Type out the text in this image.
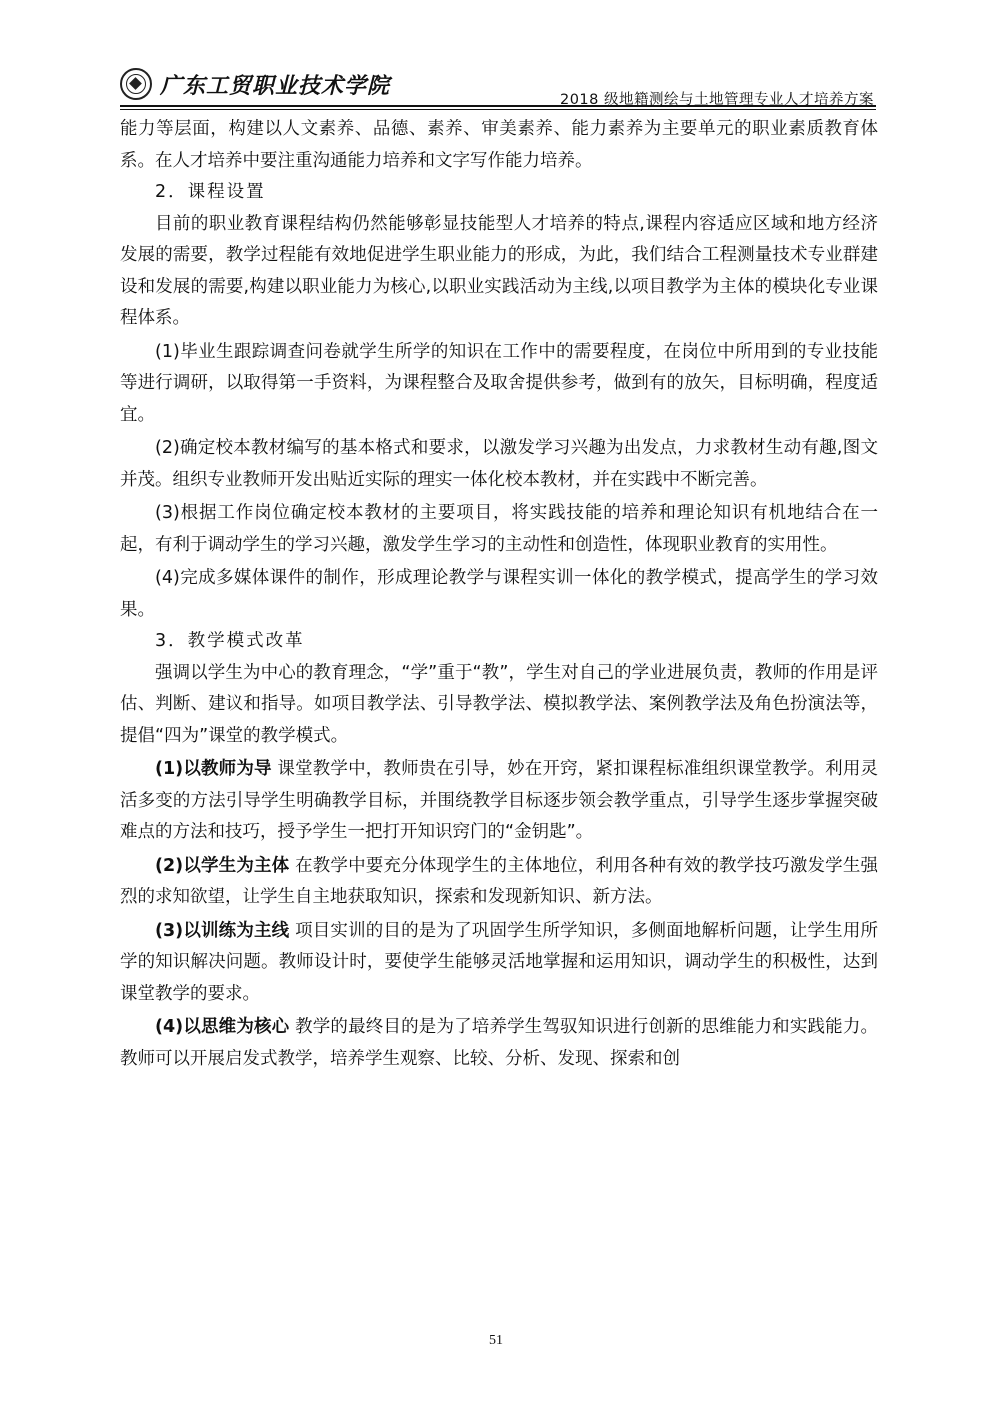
广东工贸职业技术学院
2018 级地籍测绘与土地管理专业人才培养方案

能力等层面，构建以人文素养、品德、素养、审美素养、能力素养为主要单元的职业素质教育体系。在人才培养中要注重沟通能力培养和文字写作能力培养。

2．课程设置

目前的职业教育课程结构仍然能够彰显技能型人才培养的特点,课程内容适应区域和地方经济发展的需要，教学过程能有效地促进学生职业能力的形成，为此，我们结合工程测量技术专业群建设和发展的需要,构建以职业能力为核心,以职业实践活动为主线,以项目教学为主体的模块化专业课程体系。

(1)毕业生跟踪调查问卷就学生所学的知识在工作中的需要程度，在岗位中所用到的专业技能等进行调研，以取得第一手资料，为课程整合及取舍提供参考，做到有的放矢，目标明确，程度适宜。

(2)确定校本教材编写的基本格式和要求，以激发学习兴趣为出发点，力求教材生动有趣,图文并茂。组织专业教师开发出贴近实际的理实一体化校本教材，并在实践中不断完善。

(3)根据工作岗位确定校本教材的主要项目，将实践技能的培养和理论知识有机地结合在一起，有利于调动学生的学习兴趣，激发学生学习的主动性和创造性，体现职业教育的实用性。

(4)完成多媒体课件的制作，形成理论教学与课程实训一体化的教学模式，提高学生的学习效果。

3．教学模式改革

强调以学生为中心的教育理念，“学”重于“教”，学生对自己的学业进展负责，教师的作用是评估、判断、建议和指导。如项目教学法、引导教学法、模拟教学法、案例教学法及角色扮演法等，提倡“四为”课堂的教学模式。

(1)以教师为导 课堂教学中，教师贵在引导，妙在开窍，紧扣课程标准组织课堂教学。利用灵活多变的方法引导学生明确教学目标，并围绕教学目标逐步领会教学重点，引导学生逐步掌握突破难点的方法和技巧，授予学生一把打开知识窍门的“金钥匙”。

(2)以学生为主体 在教学中要充分体现学生的主体地位，利用各种有效的教学技巧激发学生强烈的求知欲望，让学生自主地获取知识，探索和发现新知识、新方法。

(3)以训练为主线 项目实训的目的是为了巩固学生所学知识，多侧面地解析问题，让学生用所学的知识解决问题。教师设计时，要使学生能够灵活地掌握和运用知识，调动学生的积极性，达到课堂教学的要求。

(4)以思维为核心 教学的最终目的是为了培养学生驾驭知识进行创新的思维能力和实践能力。教师可以开展启发式教学，培养学生观察、比较、分析、发现、探索和创

51
